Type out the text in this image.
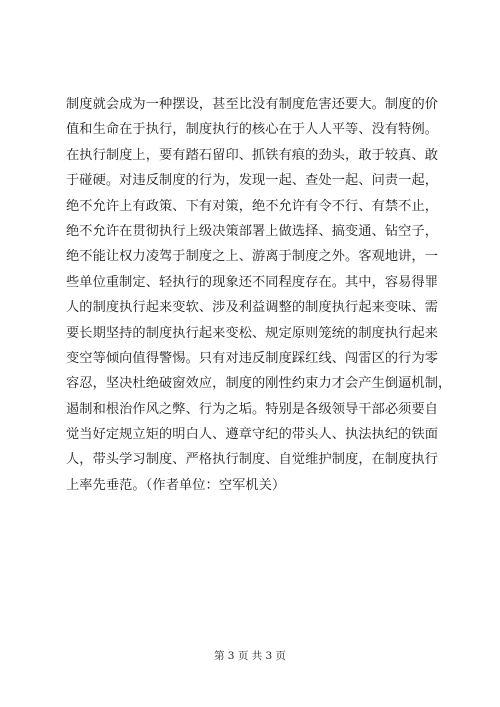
制度就会成为一种摆设，甚至比没有制度危害还要大。制度的价
值和生命在于执行，制度执行的核心在于人人平等、没有特例。
在执行制度上，要有踏石留印、抓铁有痕的劲头，敢于较真、敢
于碰硬。对违反制度的行为，发现一起、查处一起、问责一起，
绝不允许上有政策、下有对策，绝不允许有令不行、有禁不止，
绝不允许在贯彻执行上级决策部署上做选择、搞变通、钻空子，
绝不能让权力凌驾于制度之上、游离于制度之外。客观地讲，一
些单位重制定、轻执行的现象还不同程度存在。其中，容易得罪
人的制度执行起来变软、涉及利益调整的制度执行起来变味、需
要长期坚持的制度执行起来变松、规定原则笼统的制度执行起来
变空等倾向值得警惕。只有对违反制度踩红线、闯雷区的行为零
容忍，坚决杜绝破窗效应，制度的刚性约束力才会产生倒逼机制，
遏制和根治作风之弊、行为之垢。特别是各级领导干部必须要自
觉当好定规立矩的明白人、遵章守纪的带头人、执法执纪的铁面
人，带头学习制度、严格执行制度、自觉维护制度，在制度执行
上率先垂范。（作者单位：空军机关）
第 3 页 共 3 页
